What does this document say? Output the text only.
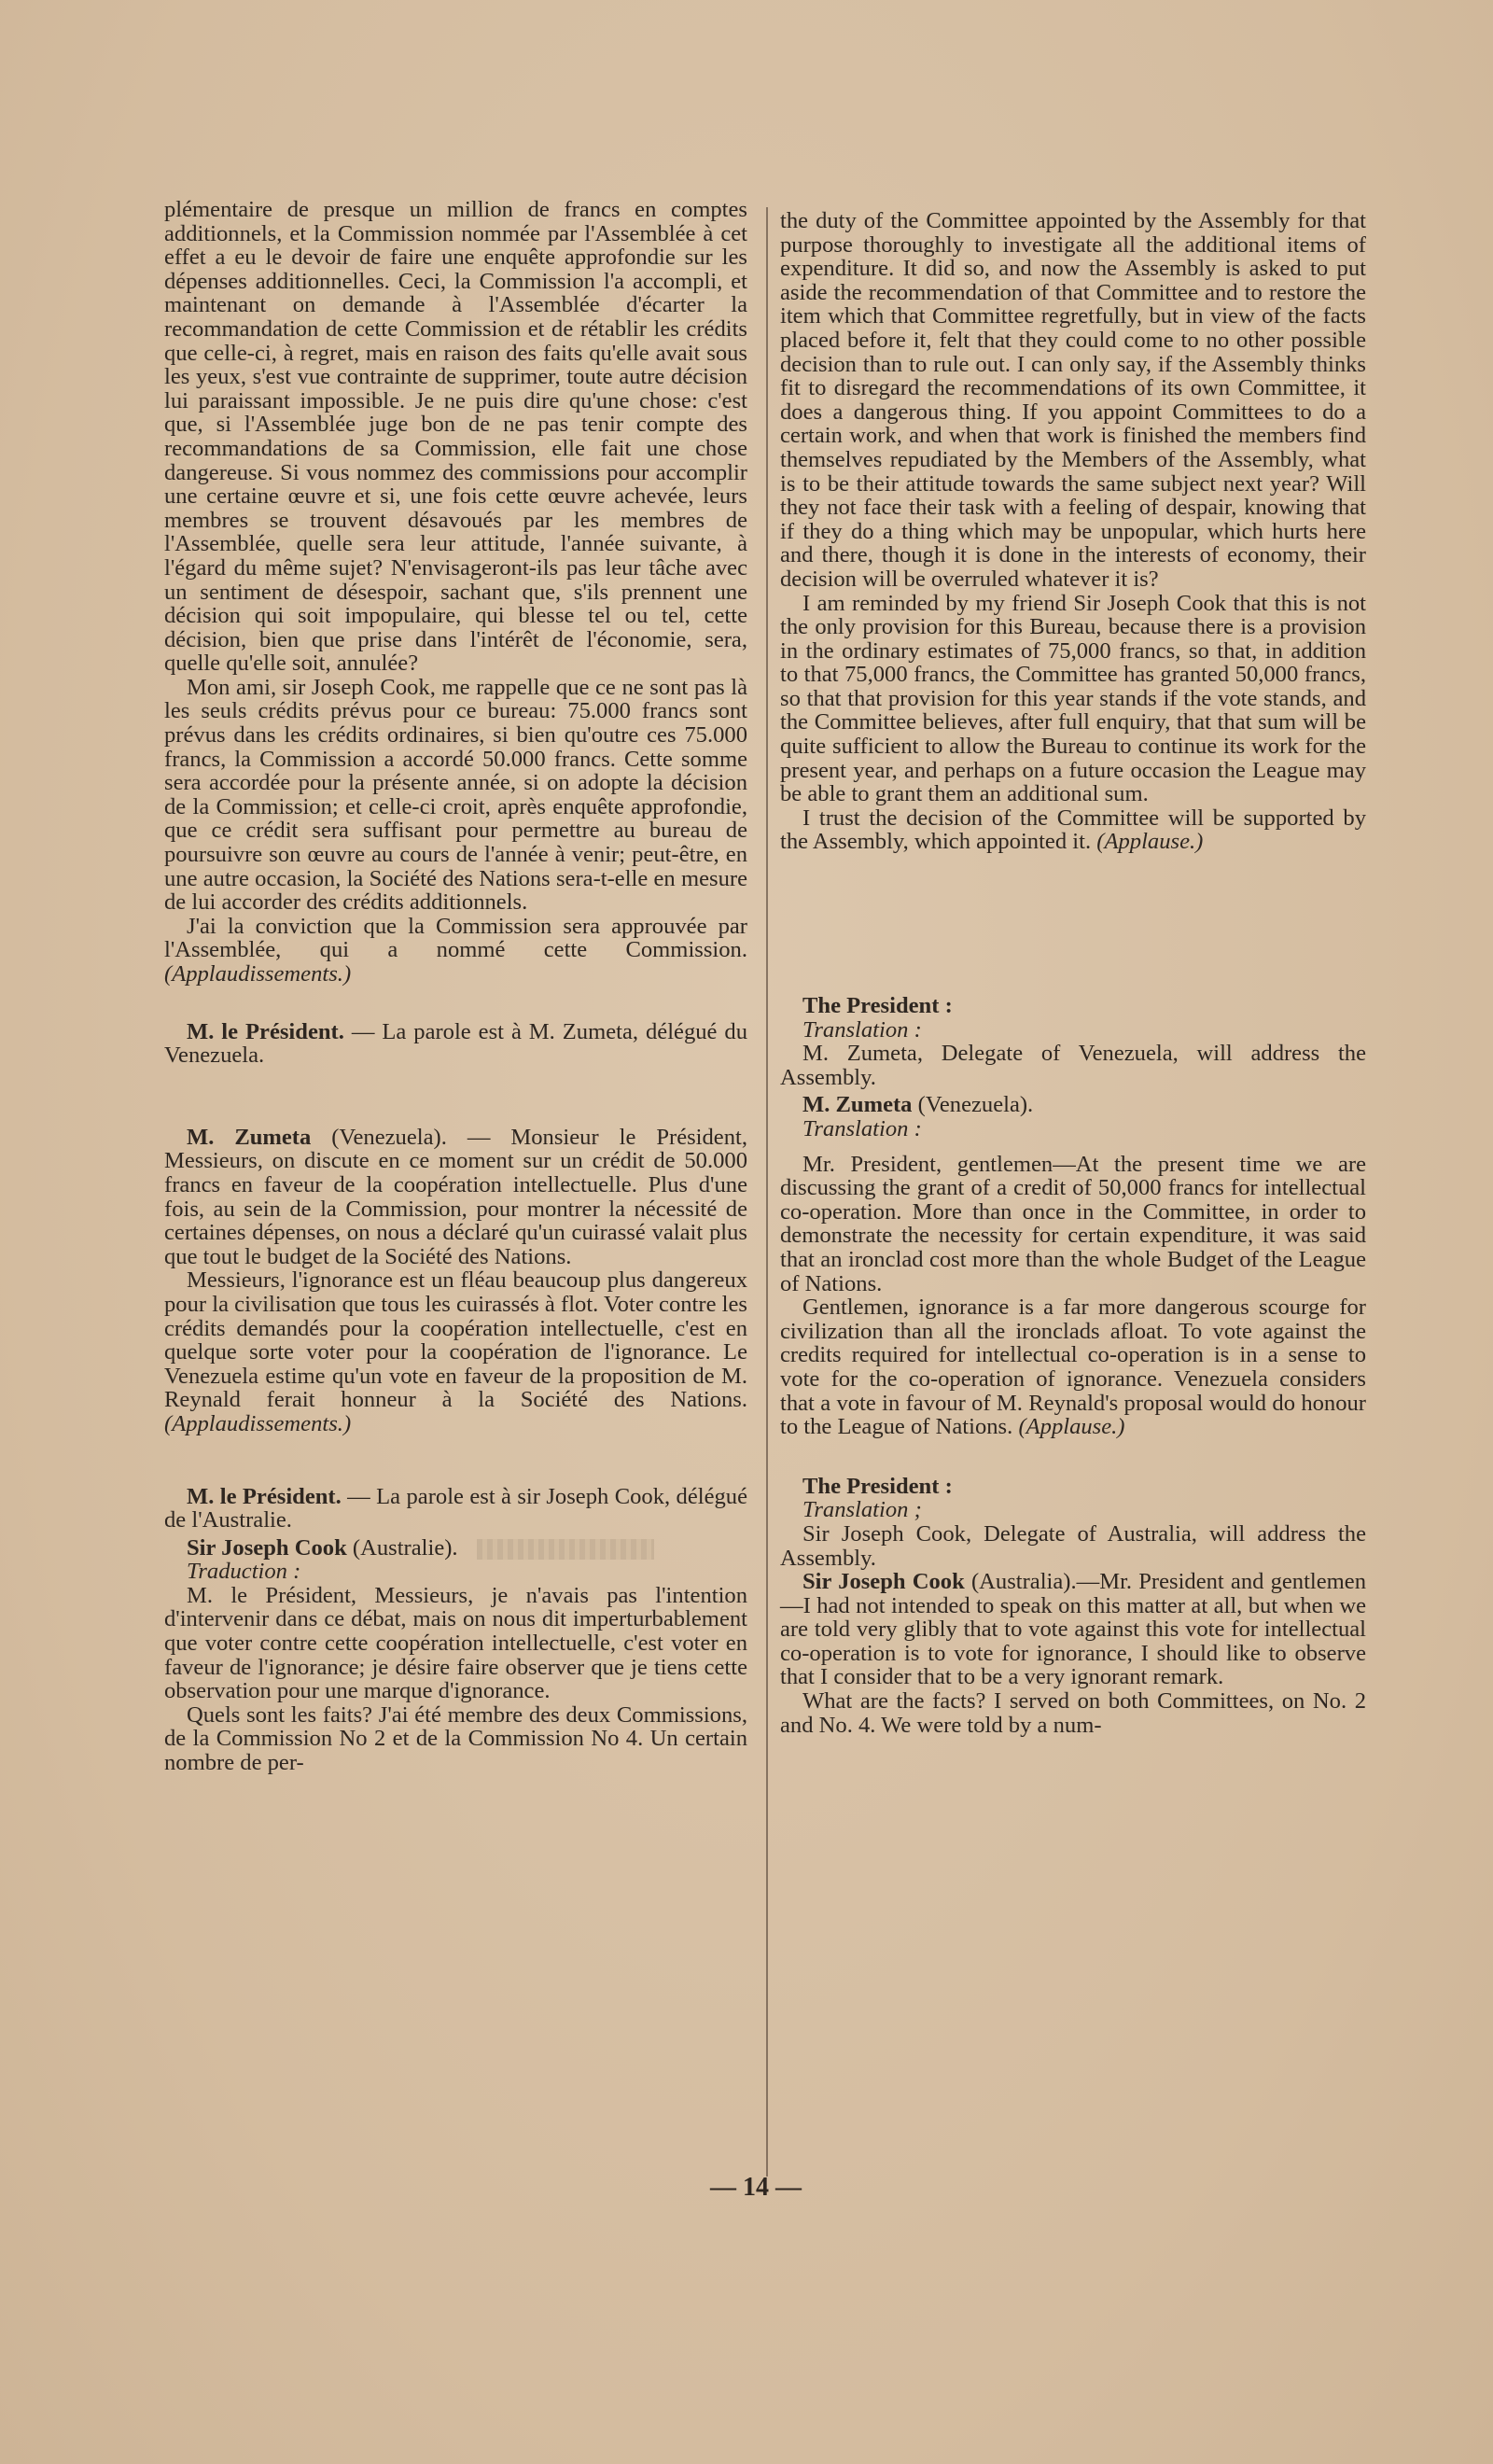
plémentaire de presque un million de francs en comptes additionnels, et la Commission nommée par l'Assemblée à cet effet a eu le devoir de faire une enquête approfondie sur les dépenses additionnelles. Ceci, la Commission l'a accompli, et maintenant on demande à l'Assemblée d'écarter la recommandation de cette Commission et de rétablir les crédits que celle-ci, à regret, mais en raison des faits qu'elle avait sous les yeux, s'est vue contrainte de supprimer, toute autre décision lui paraissant impossible. Je ne puis dire qu'une chose: c'est que, si l'Assemblée juge bon de ne pas tenir compte des recommandations de sa Commission, elle fait une chose dangereuse. Si vous nommez des commissions pour accomplir une certaine œuvre et si, une fois cette œuvre achevée, leurs membres se trouvent désavoués par les membres de l'Assemblée, quelle sera leur attitude, l'année suivante, à l'égard du même sujet? N'envisageront-ils pas leur tâche avec un sentiment de désespoir, sachant que, s'ils prennent une décision qui soit impopulaire, qui blesse tel ou tel, cette décision, bien que prise dans l'intérêt de l'économie, sera, quelle qu'elle soit, annulée?

Mon ami, sir Joseph Cook, me rappelle que ce ne sont pas là les seuls crédits prévus pour ce bureau: 75.000 francs sont prévus dans les crédits ordinaires, si bien qu'outre ces 75.000 francs, la Commission a accordé 50.000 francs. Cette somme sera accordée pour la présente année, si on adopte la décision de la Commission; et celle-ci croit, après enquête approfondie, que ce crédit sera suffisant pour permettre au bureau de poursuivre son œuvre au cours de l'année à venir; peut-être, en une autre occasion, la Société des Nations sera-t-elle en mesure de lui accorder des crédits additionnels.

J'ai la conviction que la Commission sera approuvée par l'Assemblée, qui a nommé cette Commission. (Applaudissements.)

M. le Président. — La parole est à M. Zumeta, délégué du Venezuela.

M. Zumeta (Venezuela). — Monsieur le Président, Messieurs, on discute en ce moment sur un crédit de 50.000 francs en faveur de la coopération intellectuelle. Plus d'une fois, au sein de la Commission, pour montrer la nécessité de certaines dépenses, on nous a déclaré qu'un cuirassé valait plus que tout le budget de la Société des Nations.

Messieurs, l'ignorance est un fléau beaucoup plus dangereux pour la civilisation que tous les cuirassés à flot. Voter contre les crédits demandés pour la coopération intellectuelle, c'est en quelque sorte voter pour la coopération de l'ignorance. Le Venezuela estime qu'un vote en faveur de la proposition de M. Reynald ferait honneur à la Société des Nations. (Applaudissements.)

M. le Président. — La parole est à sir Joseph Cook, délégué de l'Australie.

Sir Joseph Cook (Australie).

Traduction :

M. le Président, Messieurs, je n'avais pas l'intention d'intervenir dans ce débat, mais on nous dit imperturbablement que voter contre cette coopération intellectuelle, c'est voter en faveur de l'ignorance; je désire faire observer que je tiens cette observation pour une marque d'ignorance.

Quels sont les faits? J'ai été membre des deux Commissions, de la Commission No 2 et de la Commission No 4. Un certain nombre de per-

the duty of the Committee appointed by the Assembly for that purpose thoroughly to investigate all the additional items of expenditure. It did so, and now the Assembly is asked to put aside the recommendation of that Committee and to restore the item which that Committee regretfully, but in view of the facts placed before it, felt that they could come to no other possible decision than to rule out. I can only say, if the Assembly thinks fit to disregard the recommendations of its own Committee, it does a dangerous thing. If you appoint Committees to do a certain work, and when that work is finished the members find themselves repudiated by the Members of the Assembly, what is to be their attitude towards the same subject next year? Will they not face their task with a feeling of despair, knowing that if they do a thing which may be unpopular, which hurts here and there, though it is done in the interests of economy, their decision will be overruled whatever it is?

I am reminded by my friend Sir Joseph Cook that this is not the only provision for this Bureau, because there is a provision in the ordinary estimates of 75,000 francs, so that, in addition to that 75,000 francs, the Committee has granted 50,000 francs, so that that provision for this year stands if the vote stands, and the Committee believes, after full enquiry, that that sum will be quite sufficient to allow the Bureau to continue its work for the present year, and perhaps on a future occasion the League may be able to grant them an additional sum.

I trust the decision of the Committee will be supported by the Assembly, which appointed it. (Applause.)

The President :

Translation :

M. Zumeta, Delegate of Venezuela, will address the Assembly.

M. Zumeta (Venezuela).

Translation :

Mr. President, gentlemen—At the present time we are discussing the grant of a credit of 50,000 francs for intellectual co-operation. More than once in the Committee, in order to demonstrate the necessity for certain expenditure, it was said that an ironclad cost more than the whole Budget of the League of Nations.

Gentlemen, ignorance is a far more dangerous scourge for civilization than all the ironclads afloat. To vote against the credits required for intellectual co-operation is in a sense to vote for the co-operation of ignorance. Venezuela considers that a vote in favour of M. Reynald's proposal would do honour to the League of Nations. (Applause.)

The President :

Translation ;

Sir Joseph Cook, Delegate of Australia, will address the Assembly.

Sir Joseph Cook (Australia).—Mr. President and gentlemen—I had not intended to speak on this matter at all, but when we are told very glibly that to vote against this vote for intellectual co-operation is to vote for ignorance, I should like to observe that I consider that to be a very ignorant remark.

What are the facts? I served on both Committees, on No. 2 and No. 4. We were told by a num-

— 14 —
